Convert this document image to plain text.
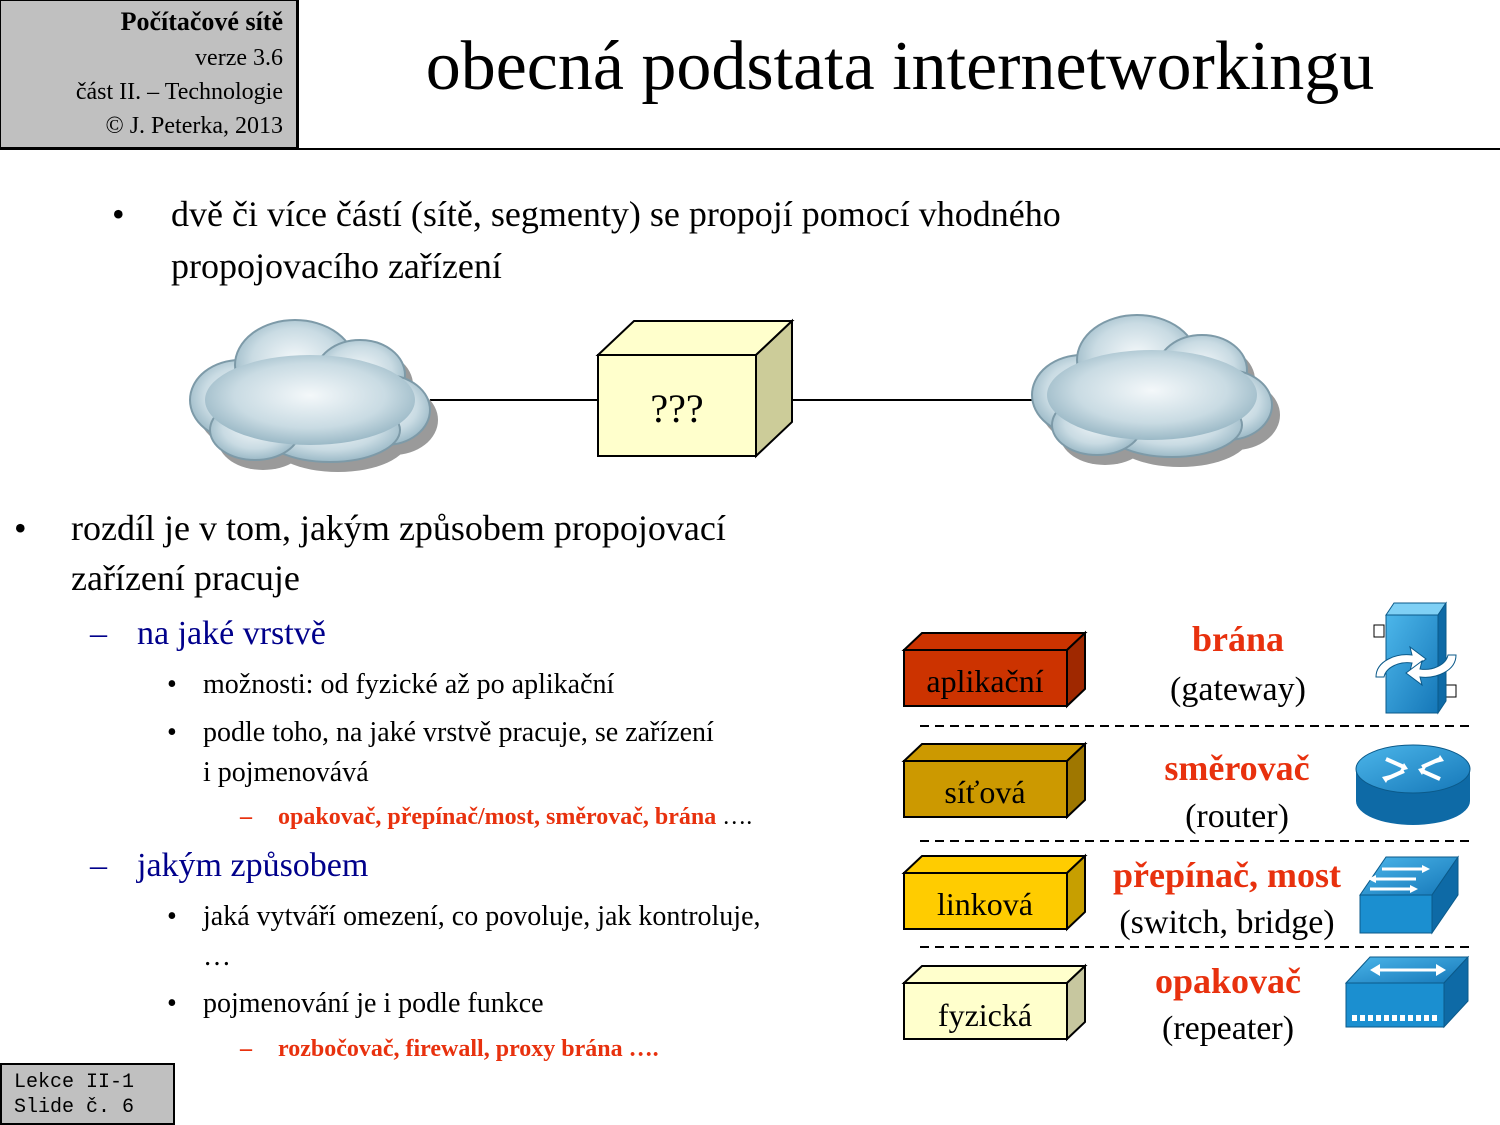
Počítačové sítě
verze 3.6
část II. – Technologie
© J. Peterka, 2013
obecná podstata internetworkingu
• dvě či více částí (sítě, segmenty) se propojí pomocí vhodného
propojovacího zařízení
???
• rozdíl je v tom, jakým způsobem propojovací
zařízení pracuje
– na jaké vrstvě
• možnosti: od fyzické až po aplikační
• podle toho, na jaké vrstvě pracuje, se zařízení
i pojmenovává
– opakovač, přepínač/most, směrovač, brána ….
– jakým způsobem
• jaká vytváří omezení, co povoluje, jak kontroluje,
…
• pojmenování je i podle funkce
– rozbočovač, firewall, proxy brána ….
aplikační
síťová
linková
fyzická
brána
(gateway)
směrovač
(router)
přepínač, most
(switch, bridge)
opakovač
(repeater)
Lekce II-1
Slide č. 6
